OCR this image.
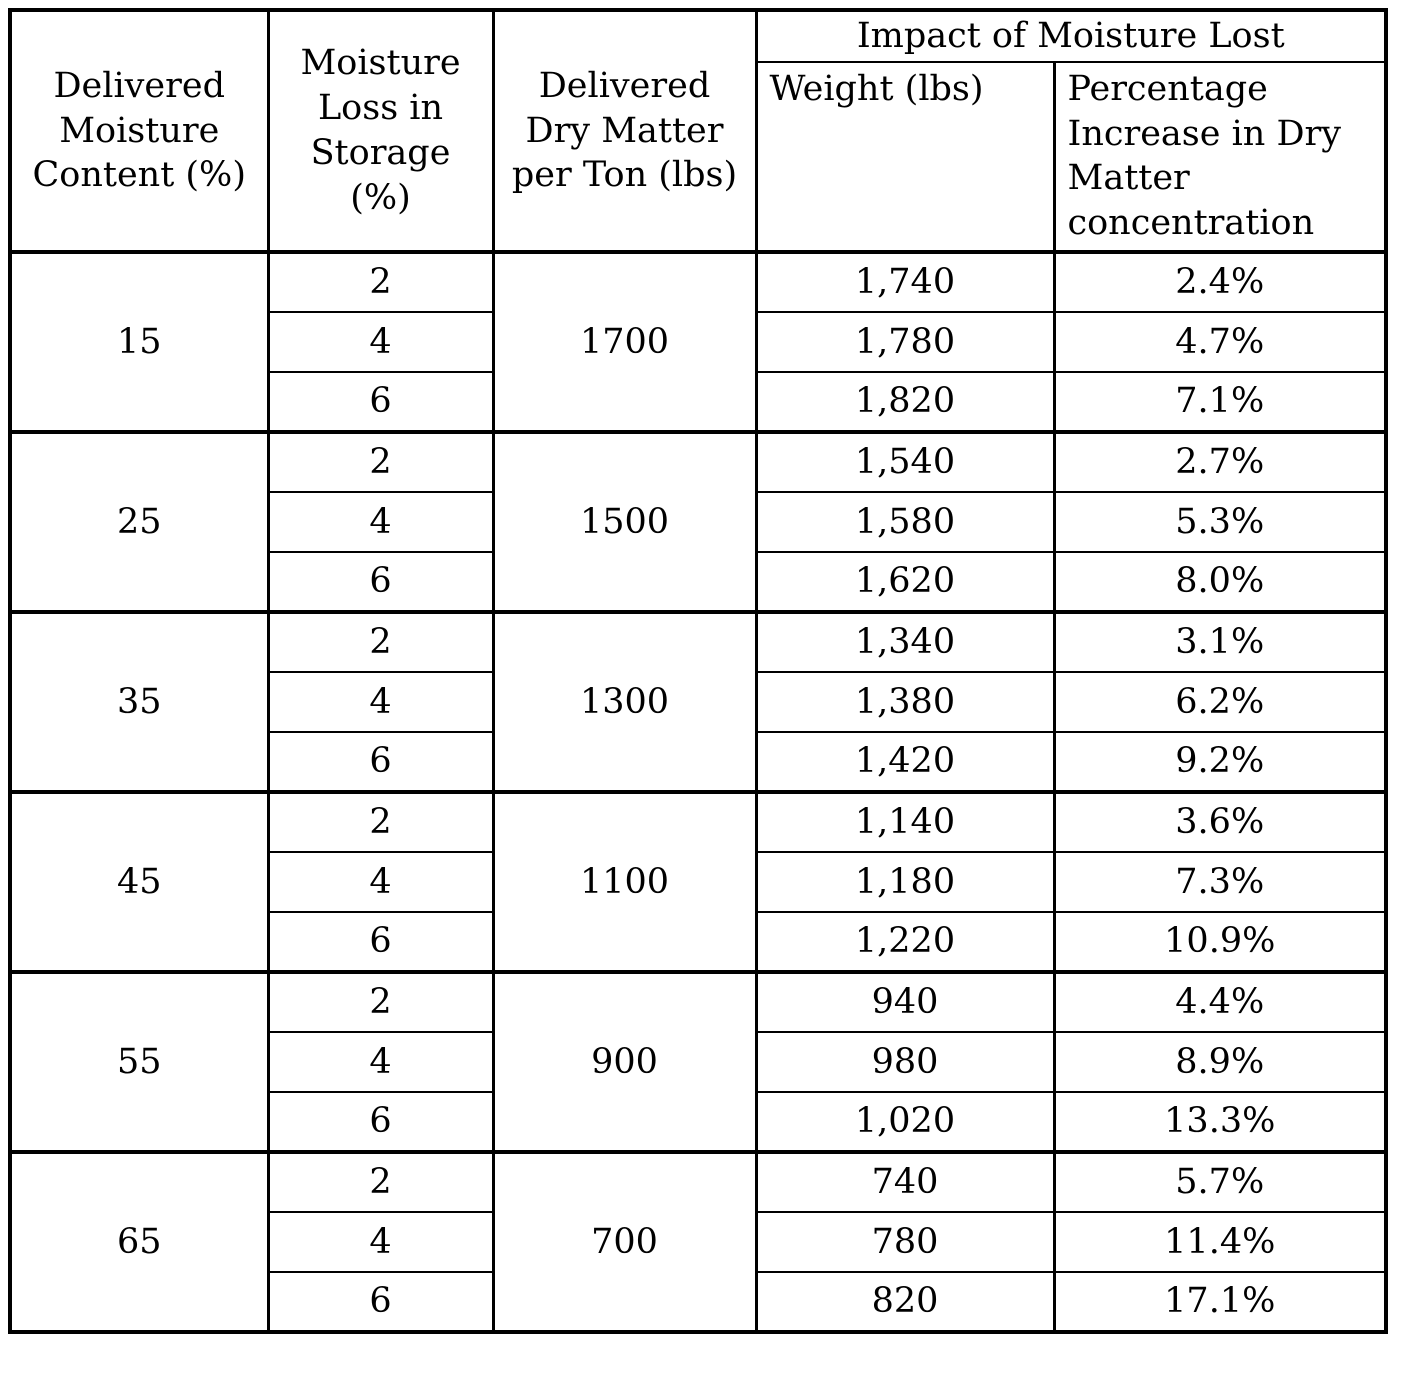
Delivered Moisture Content (%)	Moisture Loss in Storage (%)	Delivered Dry Matter per Ton (lbs)	Impact of Moisture Lost	
			Weight (lbs)	Percentage Increase in Dry Matter concentration
15	2	1700	1,740	2.4%
	4		1,780	4.7%
	6		1,820	7.1%
25	2	1500	1,540	2.7%
	4		1,580	5.3%
	6		1,620	8.0%
35	2	1300	1,340	3.1%
	4		1,380	6.2%
	6		1,420	9.2%
45	2	1100	1,140	3.6%
	4		1,180	7.3%
	6		1,220	10.9%
55	2	900	940	4.4%
	4		980	8.9%
	6		1,020	13.3%
65	2	700	740	5.7%
	4		780	11.4%
	6		820	17.1%
